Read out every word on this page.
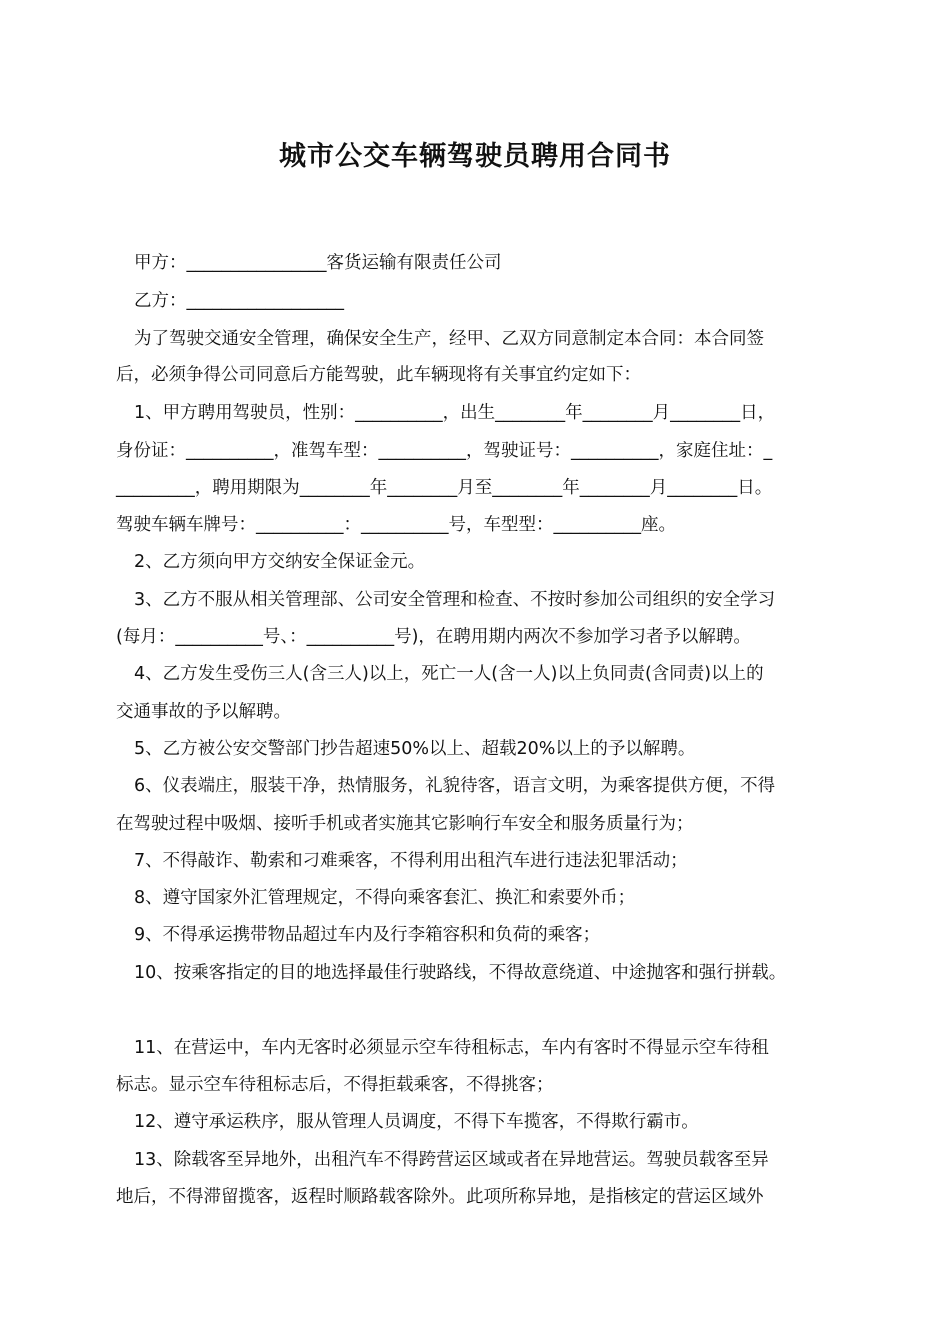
城市公交车辆驾驶员聘用合同书
甲方：________________客货运输有限责任公司
乙方：__________________
为了驾驶交通安全管理，确保安全生产，经甲、乙双方同意制定本合同：本合同签
后，必须争得公司同意后方能驾驶，此车辆现将有关事宜约定如下：
1、甲方聘用驾驶员，性别：__________，出生________年________月________日，
身份证：__________，准驾车型：__________，驾驶证号：__________，家庭住址：_
_________，聘用期限为________年________月至________年________月________日。
驾驶车辆车牌号：__________：__________号，车型型：__________座。
2、乙方须向甲方交纳安全保证金元。
3、乙方不服从相关管理部、公司安全管理和检查、不按时参加公司组织的安全学习
(每月：__________号、：__________号)，在聘用期内两次不参加学习者予以解聘。
4、乙方发生受伤三人(含三人)以上，死亡一人(含一人)以上负同责(含同责)以上的
交通事故的予以解聘。
5、乙方被公安交警部门抄告超速50%以上、超载20%以上的予以解聘。
6、仪表端庄，服装干净，热情服务，礼貌待客，语言文明，为乘客提供方便，不得
在驾驶过程中吸烟、接听手机或者实施其它影响行车安全和服务质量行为；
7、不得敲诈、勒索和刁难乘客，不得利用出租汽车进行违法犯罪活动；
8、遵守国家外汇管理规定，不得向乘客套汇、换汇和索要外币；
9、不得承运携带物品超过车内及行李箱容积和负荷的乘客；
10、按乘客指定的目的地选择最佳行驶路线，不得故意绕道、中途抛客和强行拼载。
11、在营运中，车内无客时必须显示空车待租标志，车内有客时不得显示空车待租
标志。显示空车待租标志后，不得拒载乘客，不得挑客；
12、遵守承运秩序，服从管理人员调度，不得下车揽客，不得欺行霸市。
13、除载客至异地外，出租汽车不得跨营运区域或者在异地营运。驾驶员载客至异
地后，不得滞留揽客，返程时顺路载客除外。此项所称异地，是指核定的营运区域外
